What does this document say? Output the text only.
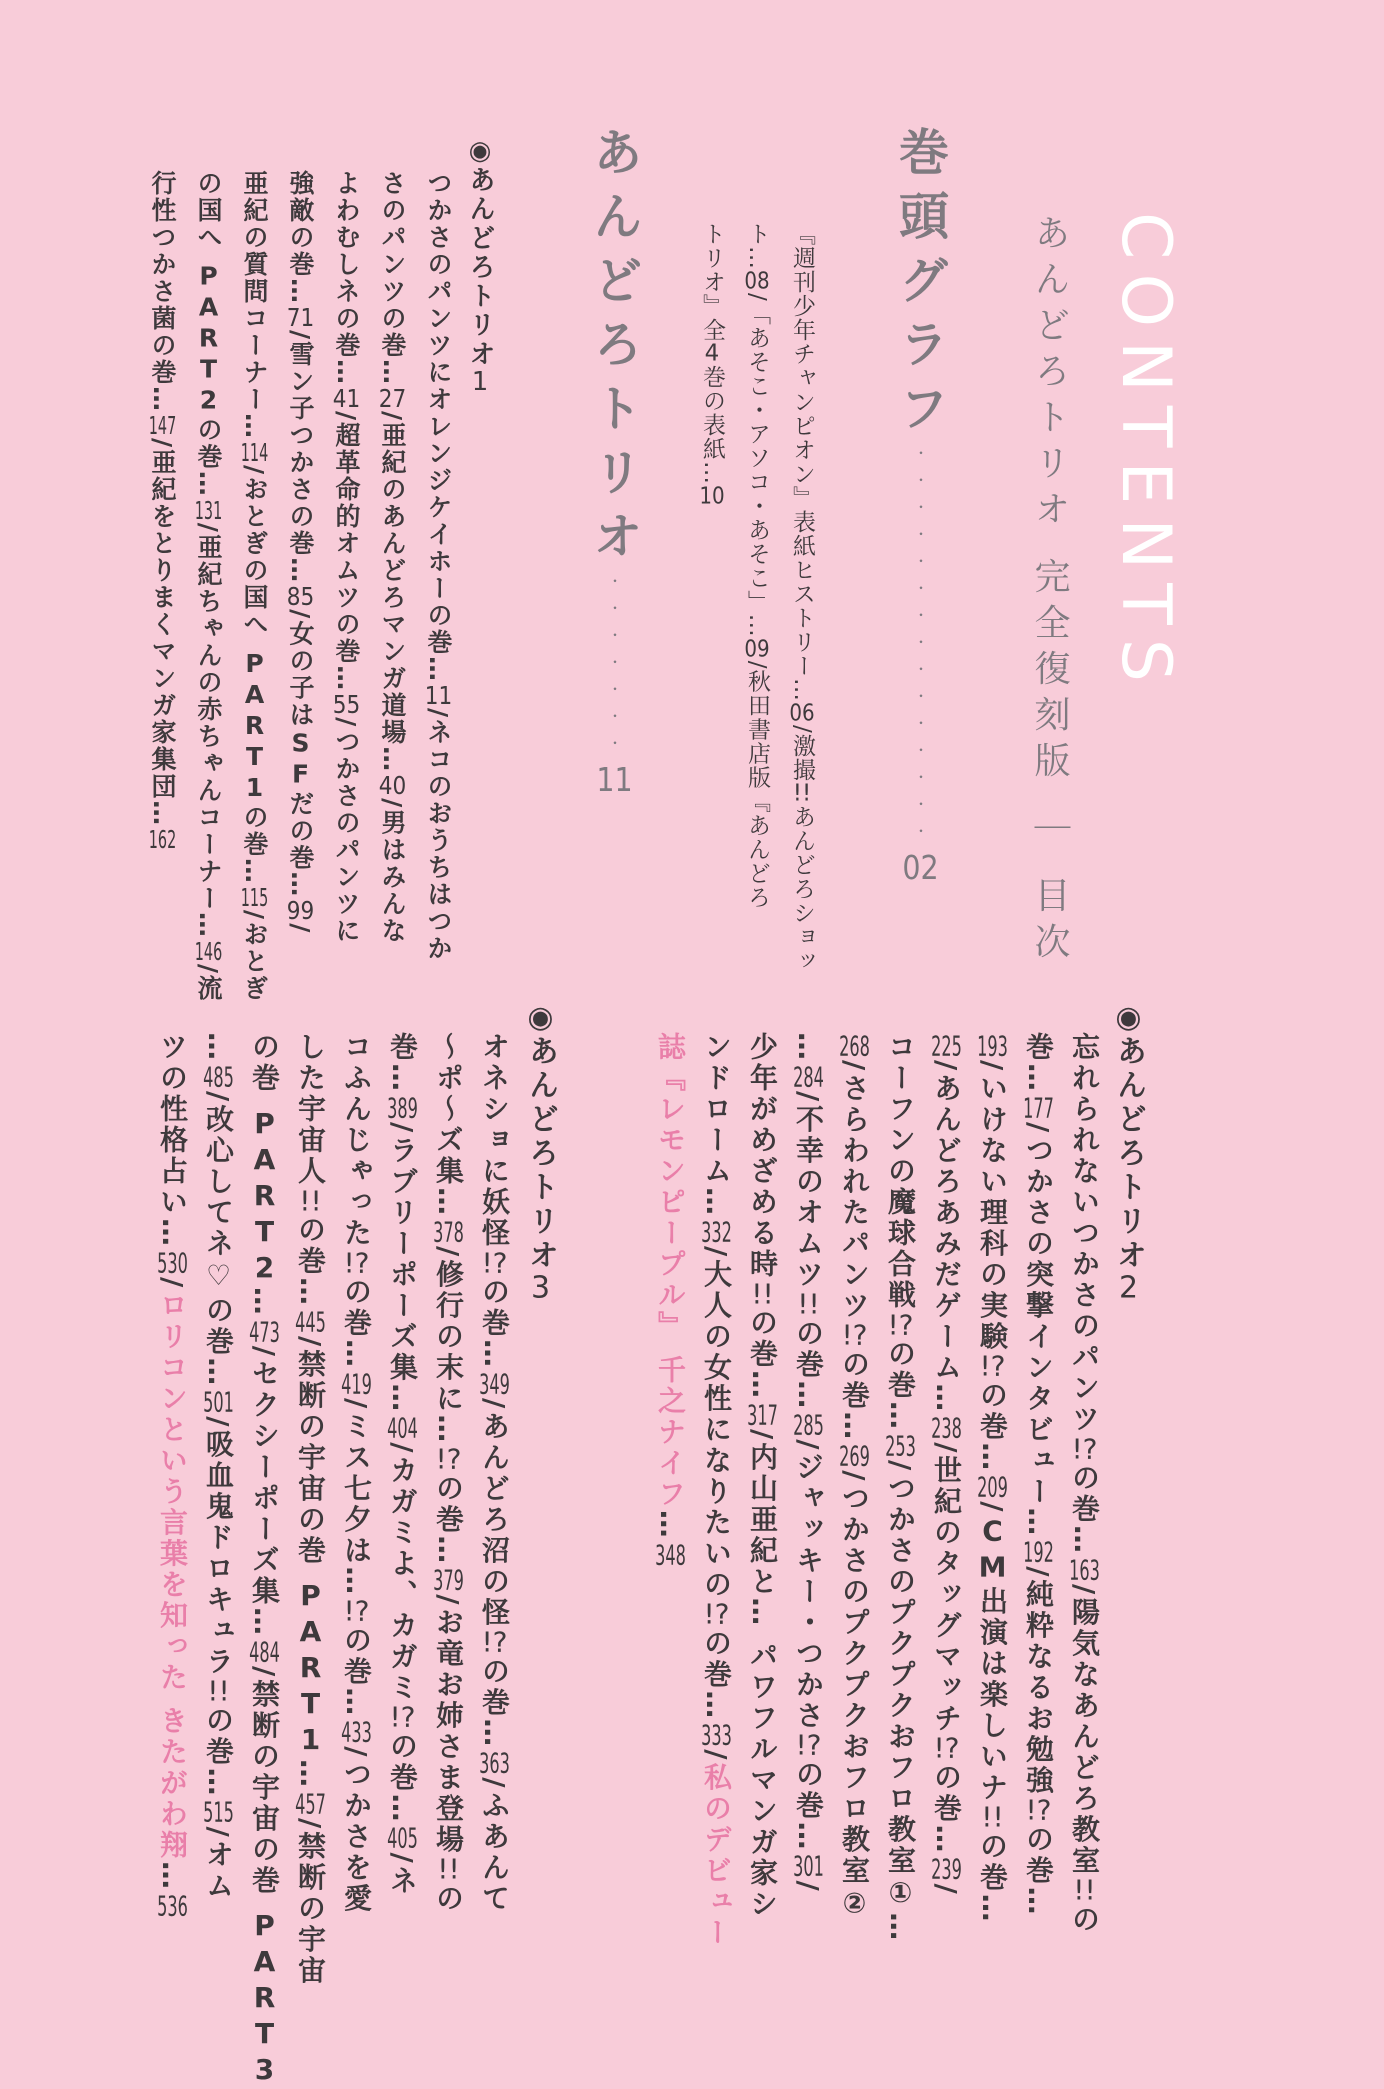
CONTENTS
あんどろトリオ 完全復刻版 ｜ 目次
巻頭グラフ・・・・・・・・・・・・・・・02
『週刊少年チャンピオン』表紙ヒストリー…06/激撮!!あんどろショッ
ト…08/「あそこ・アソコ・あそこ」…09/秋田書店版『あんどろ
トリオ』全4巻の表紙…10
あんどろトリオ・・・・・・・11
◉あんどろトリオ1
つかさのパンツにオレンジケイホーの巻…11/ネコのおうちはつか
さのパンツの巻…27/亜紀のあんどろマンガ道場…40/男はみんな
よわむしネの巻…41/超革命的オムツの巻…55/つかさのパンツに
強敵の巻…71/雪ン子つかさの巻…85/女の子はSFだの巻…99/
亜紀の質問コーナー…114/おとぎの国へ PART1の巻…115/おとぎ
の国へ PART2の巻…131/亜紀ちゃんの赤ちゃんコーナー…146/流
行性つかさ菌の巻…147/亜紀をとりまくマンガ家集団…162
◉あんどろトリオ2
忘れられないつかさのパンツ!?の巻…163/陽気なあんどろ教室!!の
巻…177/つかさの突撃インタビュー…192/純粋なるお勉強!?の巻…
193/いけない理科の実験!?の巻…209/CM出演は楽しいナ!!の巻…
225/あんどろあみだゲーム…238/世紀のタッグマッチ!?の巻…239/
コーフンの魔球合戦!?の巻…253/つかさのプクプクおフロ教室①…
268/さらわれたパンツ!?の巻…269/つかさのプクプクおフロ教室②
…284/不幸のオムツ!!の巻…285/ジャッキー・つかさ!?の巻…301/
少年がめざめる時!!の巻…317/内山亜紀と… パワフルマンガ家シ
ンドローム…332/大人の女性になりたいの!?の巻…333/私のデビュー
誌『レモンピープル』 千之ナイフ…348
◉あんどろトリオ3
オネショに妖怪!?の巻…349/あんどろ沼の怪!?の巻…363/ふあんて
〜ポ〜ズ集…378/修行の末に…!?の巻…379/お竜お姉さま登場!!の
巻…389/ラブリーポーズ集…404/カガミよ、カガミ!?の巻…405/ネ
コふんじゃった!?の巻…419/ミス七夕は…!?の巻…433/つかさを愛
した宇宙人!!の巻…445/禁断の宇宙の巻 PART1…457/禁断の宇宙
の巻 PART2…473/セクシーポーズ集…484/禁断の宇宙の巻 PART3
…485/改心してネ♡の巻…501/吸血鬼ドロキュラ!!の巻…515/オム
ツの性格占い…530/ロリコンという言葉を知った きたがわ翔…536
